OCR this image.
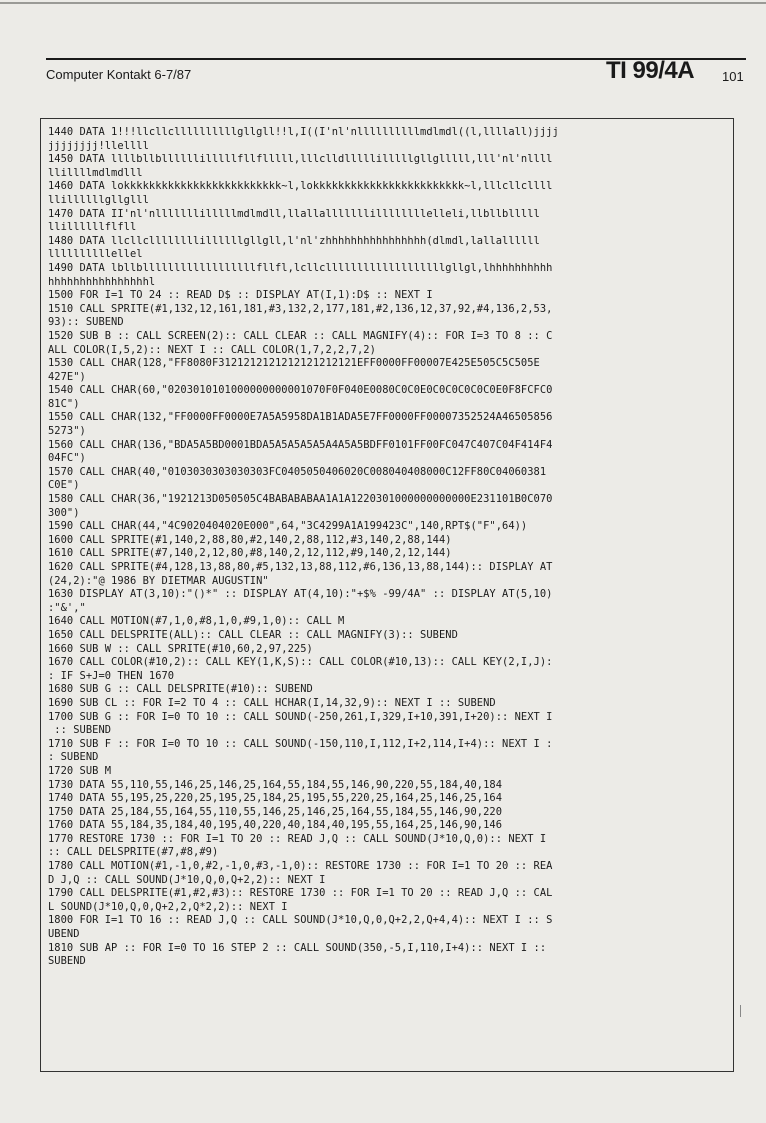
Computer Kontakt 6-7/87	TI 99/4A 101
1440 DATA 1!!!llcllcllllllllllgllgll!!l,I((I'nl'nllllllllllmdlmdl((l,llllall)jjjj
jjjjjjjj!llellll
1450 DATA llllbllbllllllilllllfllflllll,lllclldlllllilllllgllglllll,lll'nl'nllll
llillllmdlmdlll
1460 DATA lokkkkkkkkkkkkkkkkkkkkkkkkk~l,lokkkkkkkkkkkkkkkkkkkkkkkk~l,lllcllcllll
llillllllgllglll
1470 DATA II'nl'nlllllllilllllmdlmdll,llallalllllllillllllllelleli,llbllblllll
llillllllflfll
1480 DATA llcllcllllllllillllllgllgll,l'nl'zhhhhhhhhhhhhhhhh(dlmdl,lallallllll
llllllllllellel
1490 DATA lbllbllllllllllllllllllfllfl,lcllclllllllllllllllllllgllgl,lhhhhhhhhhh
hhhhhhhhhhhhhhhhl
1500 FOR I=1 TO 24 :: READ D$ :: DISPLAY AT(I,1):D$ :: NEXT I
1510 CALL SPRITE(#1,132,12,161,181,#3,132,2,177,181,#2,136,12,37,92,#4,136,2,53,
93):: SUBEND
1520 SUB B :: CALL SCREEN(2):: CALL CLEAR :: CALL MAGNIFY(4):: FOR I=3 TO 8 :: C
ALL COLOR(I,5,2):: NEXT I :: CALL COLOR(1,7,2,2,7,2)
1530 CALL CHAR(128,"FF8080F3121212121212121212121EFF0000FF00007E425E505C5C505E
427E")
1540 CALL CHAR(60,"0203010101000000000001070F0F040E0080C0C0E0C0C0C0C0C0E0F8FCFC0
81C")
1550 CALL CHAR(132,"FF0000FF0000E7A5A5958DA1B1ADA5E7FF0000FF00007352524A46505856
5273")
1560 CALL CHAR(136,"BDA5A5BD0001BDA5A5A5A5A5A4A5A5BDFF0101FF00FC047C407C04F414F4
04FC")
1570 CALL CHAR(40,"0103030303030303FC0405050406020C008040408000C12FF80C04060381
C0E")
1580 CALL CHAR(36,"1921213D050505C4BABABABAA1A1A1220301000000000000E231101B0C070
300")
1590 CALL CHAR(44,"4C9020404020E000",64,"3C4299A1A199423C",140,RPT$("F",64))
1600 CALL SPRITE(#1,140,2,88,80,#2,140,2,88,112,#3,140,2,88,144)
1610 CALL SPRITE(#7,140,2,12,80,#8,140,2,12,112,#9,140,2,12,144)
1620 CALL SPRITE(#4,128,13,88,80,#5,132,13,88,112,#6,136,13,88,144):: DISPLAY AT
(24,2):"@ 1986 BY DIETMAR AUGUSTIN"
1630 DISPLAY AT(3,10):"()*" :: DISPLAY AT(4,10):"+$% -99/4A" :: DISPLAY AT(5,10)
:"&',"
1640 CALL MOTION(#7,1,0,#8,1,0,#9,1,0):: CALL M
1650 CALL DELSPRITE(ALL):: CALL CLEAR :: CALL MAGNIFY(3):: SUBEND
1660 SUB W :: CALL SPRITE(#10,60,2,97,225)
1670 CALL COLOR(#10,2):: CALL KEY(1,K,S):: CALL COLOR(#10,13):: CALL KEY(2,I,J):
: IF S+J=0 THEN 1670
1680 SUB G :: CALL DELSPRITE(#10):: SUBEND
1690 SUB CL :: FOR I=2 TO 4 :: CALL HCHAR(I,14,32,9):: NEXT I :: SUBEND
1700 SUB G :: FOR I=0 TO 10 :: CALL SOUND(-250,261,I,329,I+10,391,I+20):: NEXT I
:: SUBEND
1710 SUB F :: FOR I=0 TO 10 :: CALL SOUND(-150,110,I,112,I+2,114,I+4):: NEXT I :
: SUBEND
1720 SUB M
1730 DATA 55,110,55,146,25,146,25,164,55,184,55,146,90,220,55,184,40,184
1740 DATA 55,195,25,220,25,195,25,184,25,195,55,220,25,164,25,146,25,164
1750 DATA 25,184,55,164,55,110,55,146,25,146,25,164,55,184,55,146,90,220
1760 DATA 55,184,35,184,40,195,40,220,40,184,40,195,55,164,25,146,90,146
1770 RESTORE 1730 :: FOR I=1 TO 20 :: READ J,Q :: CALL SOUND(J*10,Q,0):: NEXT I
:: CALL DELSPRITE(#7,#8,#9)
1780 CALL MOTION(#1,-1,0,#2,-1,0,#3,-1,0):: RESTORE 1730 :: FOR I=1 TO 20 :: REA
D J,Q :: CALL SOUND(J*10,Q,0,Q+2,2):: NEXT I
1790 CALL DELSPRITE(#1,#2,#3):: RESTORE 1730 :: FOR I=1 TO 20 :: READ J,Q :: CAL
L SOUND(J*10,Q,0,Q+2,2,Q*2,2):: NEXT I
1800 FOR I=1 TO 16 :: READ J,Q :: CALL SOUND(J*10,Q,0,Q+2,2,Q+4,4):: NEXT I :: S
UBEND
1810 SUB AP :: FOR I=0 TO 16 STEP 2 :: CALL SOUND(350,-5,I,110,I+4):: NEXT I ::
SUBEND
